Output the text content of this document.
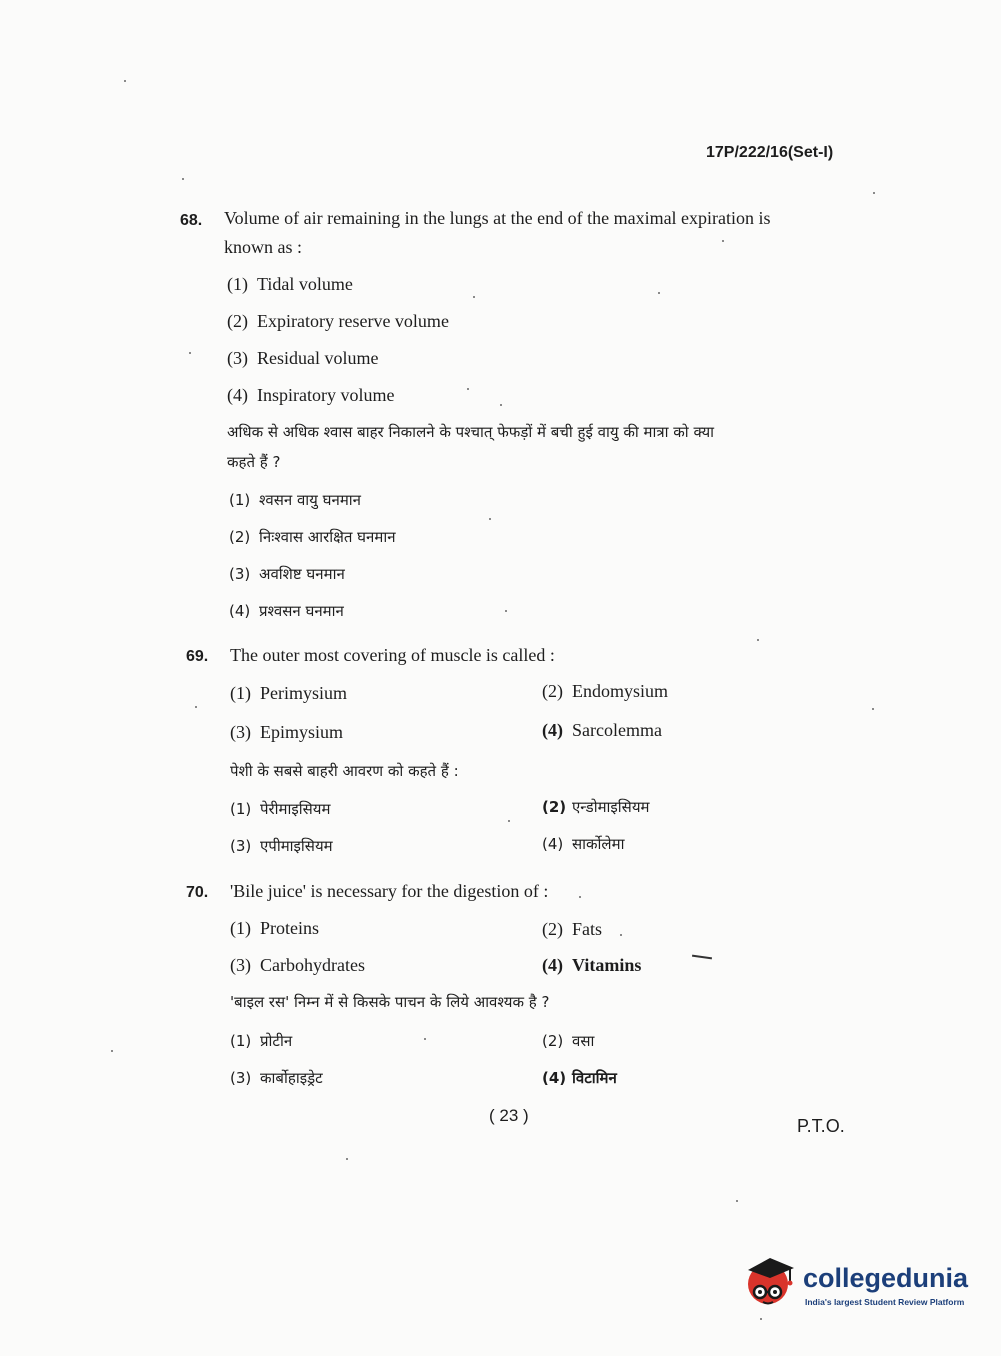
17P/222/16(Set-I)
68. Volume of air remaining in the lungs at the end of the maximal expiration is
known as :
(1) Tidal volume
(2) Expiratory reserve volume
(3) Residual volume
(4) Inspiratory volume
अधिक से अधिक श्वास बाहर निकालने के पश्चात् फेफड़ों में बची हुई वायु की मात्रा को क्या
कहते हैं ?
(1) श्वसन वायु घनमान
(2) निःश्वास आरक्षित घनमान
(3) अवशिष्ट घनमान
(4) प्रश्वसन घनमान
69. The outer most covering of muscle is called :
(1) Perimysium	(2) Endomysium
(3) Epimysium	(4) Sarcolemma
पेशी के सबसे बाहरी आवरण को कहते हैं :
(1) पेरीमाइसियम	(2) एन्डोमाइसियम
(3) एपीमाइसियम	(4) सार्कोलेमा
70. 'Bile juice' is necessary for the digestion of :
(1) Proteins	(2) Fats
(3) Carbohydrates	(4) Vitamins
'बाइल रस' निम्न में से किसके पाचन के लिये आवश्यक है ?
(1) प्रोटीन	(2) वसा
(3) कार्बोहाइड्रेट	(4) विटामिन
( 23 )
P.T.O.
collegedunia
India's largest Student Review Platform
